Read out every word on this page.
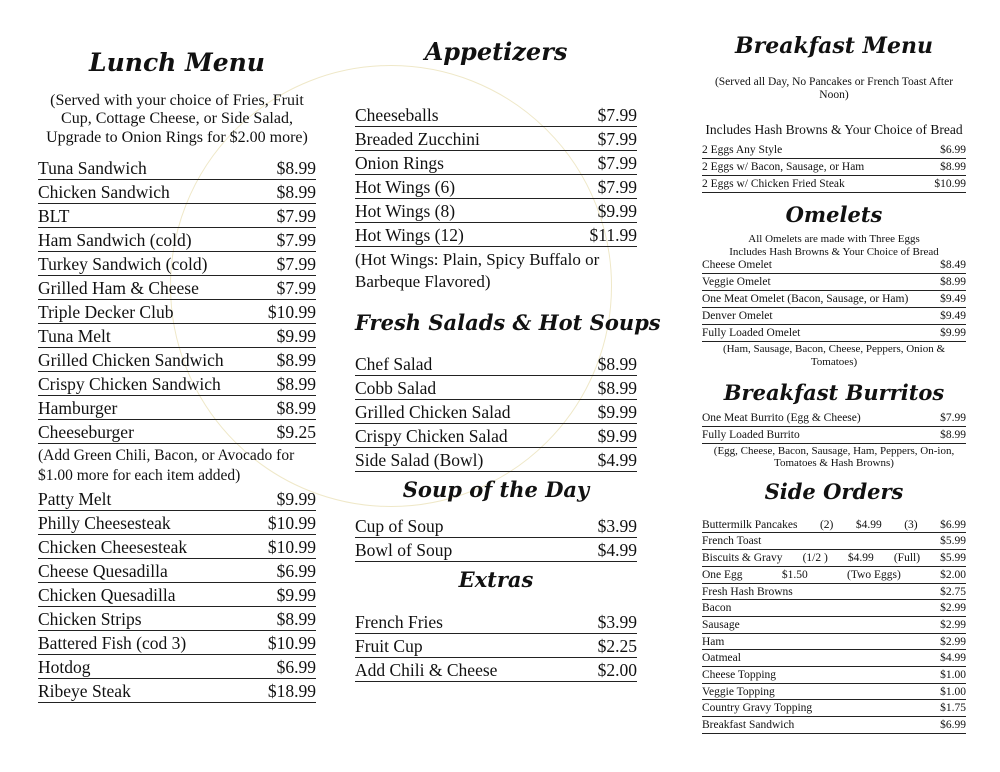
Lunch Menu

(Served with your choice of Fries, Fruit Cup, Cottage Cheese, or Side Salad, Upgrade to Onion Rings for $2.00 more)

Tuna Sandwich	$8.99
Chicken Sandwich	$8.99
BLT	$7.99
Ham Sandwich (cold)	$7.99
Turkey Sandwich (cold)	$7.99
Grilled Ham & Cheese	$7.99
Triple Decker Club	$10.99
Tuna Melt	$9.99
Grilled Chicken Sandwich	$8.99
Crispy Chicken Sandwich	$8.99
Hamburger	$8.99
Cheeseburger	$9.25

(Add Green Chili, Bacon, or Avocado for $1.00 more for each item added)

Patty Melt	$9.99
Philly Cheesesteak	$10.99
Chicken Cheesesteak	$10.99
Cheese Quesadilla	$6.99
Chicken Quesadilla	$9.99
Chicken Strips	$8.99
Battered Fish (cod 3)	$10.99
Hotdog	$6.99
Ribeye Steak	$18.99
Appetizers
Cheeseballs	$7.99
Breaded Zucchini	$7.99
Onion Rings	$7.99
Hot Wings (6)	$7.99
Hot Wings (8)	$9.99
Hot Wings (12)	$11.99

(Hot Wings: Plain, Spicy Buffalo or Barbeque Flavored)

Fresh Salads & Hot Soups
Chef Salad	$8.99
Cobb Salad	$8.99
Grilled Chicken Salad	$9.99
Crispy Chicken Salad	$9.99
Side Salad (Bowl)	$4.99
Soup of the Day
Cup of Soup	$3.99
Bowl of Soup	$4.99
Extras
French Fries	$3.99
Fruit Cup	$2.25
Add Chili & Cheese	$2.00
Breakfast Menu

(Served all Day, No Pancakes or French Toast After Noon)

Includes Hash Browns & Your Choice of Bread

2 Eggs Any Style	$6.99
2 Eggs w/ Bacon, Sausage, or Ham	$8.99
2 Eggs w/ Chicken Fried Steak	$10.99
Omelets

All Omelets are made with Three Eggs

Includes Hash Browns & Your Choice of Bread

Cheese Omelet	$8.49
Veggie Omelet	$8.99
One Meat Omelet (Bacon, Sausage, or Ham)	$9.49
Denver Omelet	$9.49
Fully Loaded Omelet	$9.99

(Ham, Sausage, Bacon, Cheese, Peppers, Onion & Tomatoes)

Breakfast Burritos
One Meat Burrito (Egg & Cheese)	$7.99
Fully Loaded Burrito	$8.99

(Egg, Cheese, Bacon, Sausage, Ham, Peppers, On-ion, Tomatoes & Hash Browns)

Side Orders
Buttermilk Pancakes (2) $4.99 (3) $6.99
French Toast	$5.99
Biscuits & Gravy (1/2 ) $4.99 (Full) $5.99
One Egg	$1.50	(Two Eggs)	$2.00
Fresh Hash Browns	$2.75
Bacon	$2.99
Sausage	$2.99
Ham	$2.99
Oatmeal	$4.99
Cheese Topping	$1.00
Veggie Topping	$1.00
Country Gravy Topping	$1.75
Breakfast Sandwich	$6.99
